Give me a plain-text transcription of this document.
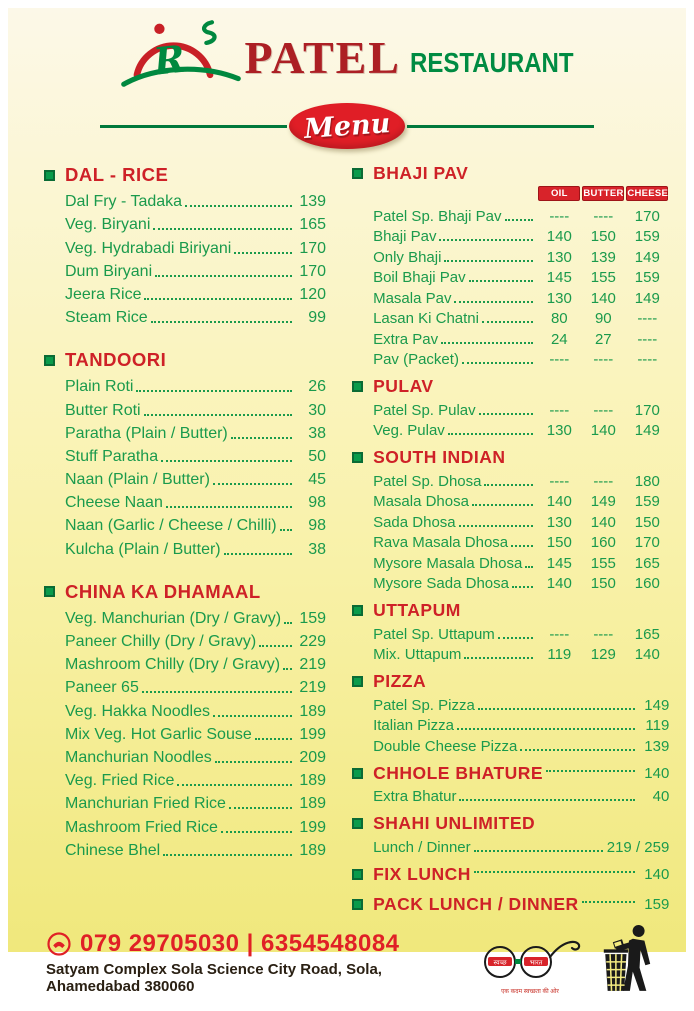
R PATEL RESTAURANT
Menu
DAL - RICE
Dal Fry - Tadaka	139
Veg. Biryani	165
Veg. Hydrabadi Biriyani	170
Dum Biryani	170
Jeera Rice	120
Steam Rice	99
TANDOORI
Plain Roti	26
Butter Roti	30
Paratha (Plain / Butter)	38
Stuff Paratha	50
Naan (Plain / Butter)	45
Cheese Naan	98
Naan (Garlic / Cheese / Chilli)	98
Kulcha (Plain / Butter)	38
CHINA KA DHAMAAL
Veg. Manchurian (Dry / Gravy) 159
Paneer Chilly (Dry / Gravy)	229
Mashroom Chilly (Dry / Gravy) 219
Paneer 65	219
Veg. Hakka Noodles	189
Mix Veg. Hot Garlic Souse	199
Manchurian Noodles	209
Veg. Fried Rice	189
Manchurian Fried Rice	189
Mashroom Fried Rice	199
Chinese Bhel	189
BHAJI PAV
OIL	BUTTER CHEESE
Patel Sp. Bhaji Pav	----	----	170
Bhaji Pav	140	150	159
Only Bhaji	130	139	149
Boil Bhaji Pav	145	155	159
Masala Pav	130	140	149
Lasan Ki Chatni	80	90	----
Extra Pav	24	27	----
Pav (Packet)	----	----	----
PULAV
Patel Sp. Pulav	----	----	170
Veg. Pulav	130	140	149
SOUTH INDIAN
Patel Sp. Dhosa	----	----	180
Masala Dhosa	140	149	159
Sada Dhosa	130	140	150
Rava Masala Dhosa	150	160	170
Mysore Masala Dhosa	145	155	165
Mysore Sada Dhosa	140	150	160
UTTAPUM
Patel Sp. Uttapum	----	----	165
Mix. Uttapum	119	129	140
PIZZA
Patel Sp. Pizza	149
Italian Pizza	119
Double Cheese Pizza	139
CHHOLE BHATURE	140
Extra Bhatur	40
SHAHI UNLIMITED
Lunch / Dinner	219 / 259
FIX LUNCH	140
PACK LUNCH / DINNER	159
079 29705030 | 6354548084
Satyam Complex Sola Science City Road, Sola, Ahamedabad 380060
स्वच्छ	भारत
एक कदम स्वच्छता की ओर
